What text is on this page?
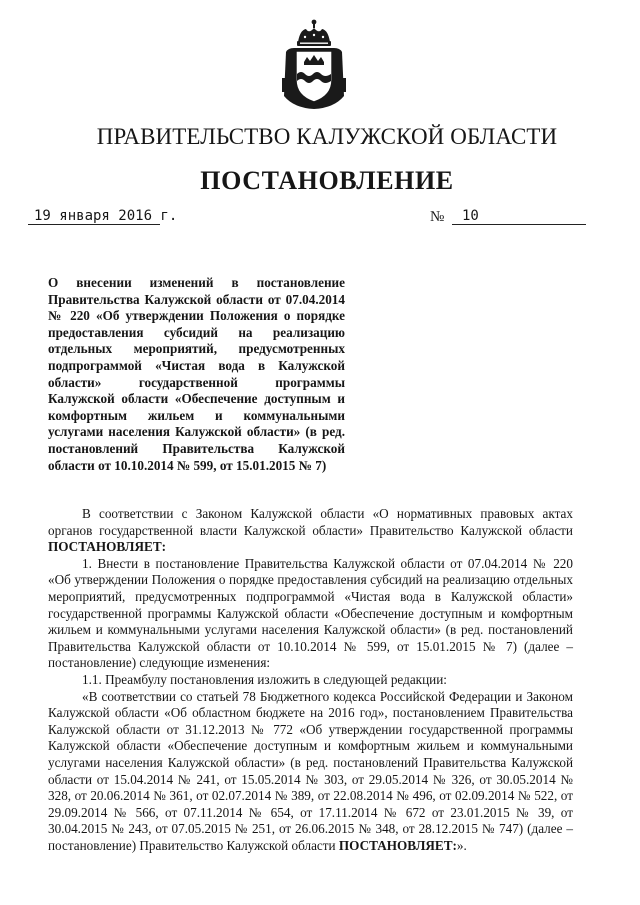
ПРАВИТЕЛЬСТВО КАЛУЖСКОЙ ОБЛАСТИ
ПОСТАНОВЛЕНИЕ
19 января 2016 г.	№ 10
О внесении изменений в постановление Правительства Калужской области от 07.04.2014 № 220 «Об утверждении Положения о порядке предоставления субсидий на реализацию отдельных мероприятий, предусмотренных подпрограммой «Чистая вода в Калужской области» государственной программы Калужской области «Обеспечение доступным и комфортным жильем и коммунальными услугами населения Калужской области» (в ред. постановлений Правительства Калужской области от 10.10.2014 № 599, от 15.01.2015 № 7)

В соответствии с Законом Калужской области «О нормативных правовых актах органов государственной власти Калужской области» Правительство Калужской области ПОСТАНОВЛЯЕТ:

1. Внести в постановление Правительства Калужской области от 07.04.2014 № 220 «Об утверждении Положения о порядке предоставления субсидий на реализацию отдельных мероприятий, предусмотренных подпрограммой «Чистая вода в Калужской области» государственной программы Калужской области «Обеспечение доступным и комфортным жильем и коммунальными услугами населения Калужской области» (в ред. постановлений Правительства Калужской области от 10.10.2014 № 599, от 15.01.2015 № 7) (далее – постановление) следующие изменения:

1.1. Преамбулу постановления изложить в следующей редакции:

«В соответствии со статьей 78 Бюджетного кодекса Российской Федерации и Законом Калужской области «Об областном бюджете на 2016 год», постановлением Правительства Калужской области от 31.12.2013 № 772 «Об утверждении государственной программы Калужской области «Обеспечение доступным и комфортным жильем и коммунальными услугами населения Калужской области» (в ред. постановлений Правительства Калужской области от 15.04.2014 № 241, от 15.05.2014 № 303, от 29.05.2014 № 326, от 30.05.2014 № 328, от 20.06.2014 № 361, от 02.07.2014 № 389, от 22.08.2014 № 496, от 02.09.2014 № 522, от 29.09.2014 № 566, от 07.11.2014 № 654, от 17.11.2014 № 672 от 23.01.2015 № 39, от 30.04.2015 № 243, от 07.05.2015 № 251, от 26.06.2015 № 348, от 28.12.2015 № 747) (далее – постановление) Правительство Калужской области ПОСТАНОВЛЯЕТ:».
